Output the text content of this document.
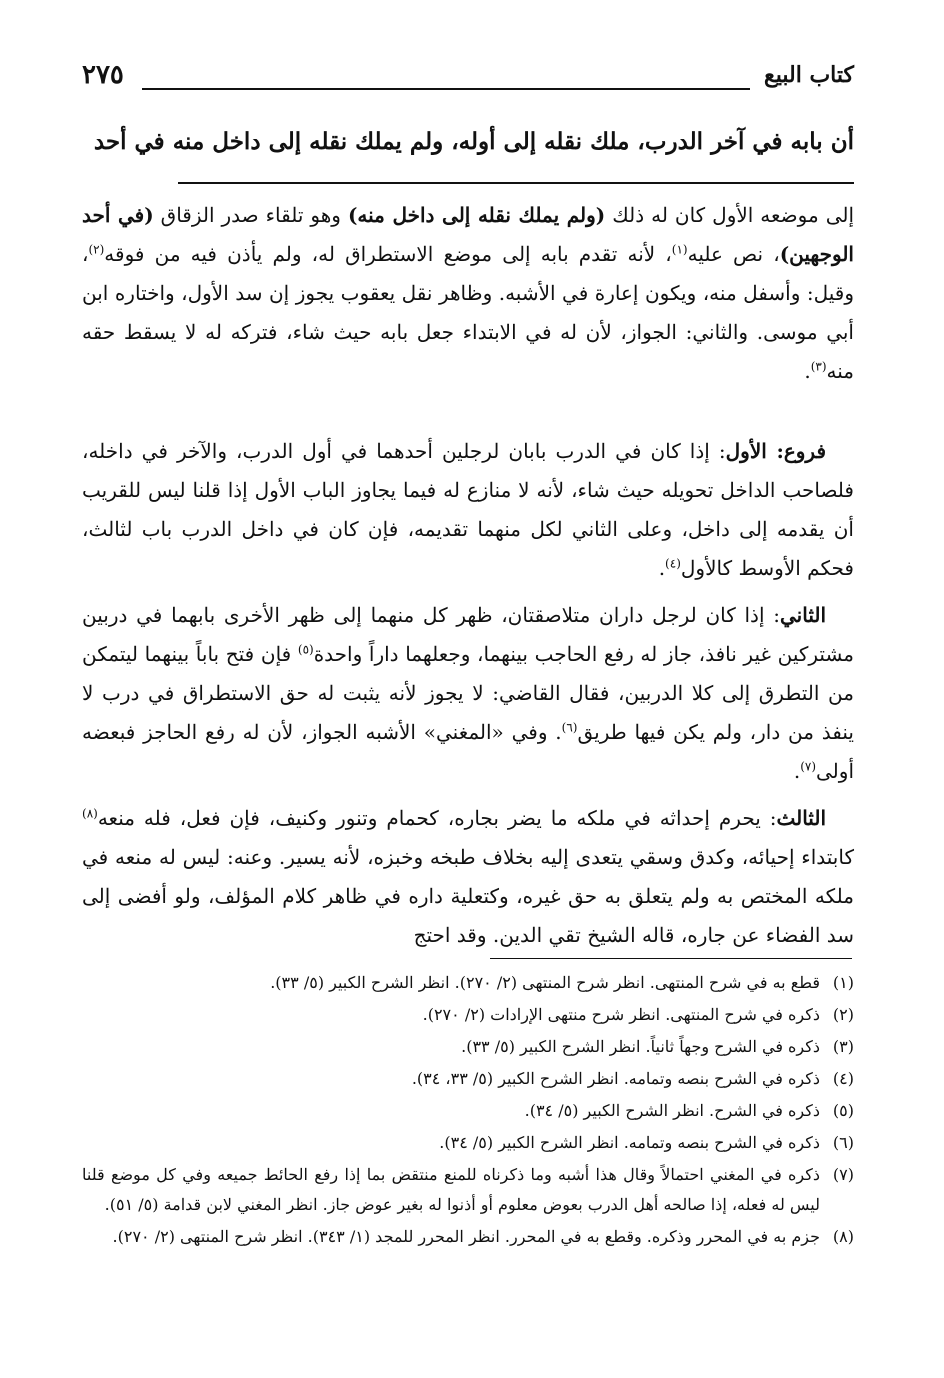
٢٧٥	كتاب البيع
أن بابه في آخر الدرب، ملك نقله إلى أوله، ولم يملك نقله إلى داخل منه في أحد
إلى موضعه الأول كان له ذلك (ولم يملك نقله إلى داخل منه) وهو تلقاء صدر الزقاق (في أحد الوجهين)، نص عليه$^{(١)}$، لأنه تقدم بابه إلى موضع الاستطراق له، ولم يأذن فيه من فوقه$^{(٢)}$، وقيل: وأسفل منه، ويكون إعارة في الأشبه. وظاهر نقل يعقوب يجوز إن سد الأول، واختاره ابن أبي موسى. والثاني: الجواز، لأن له في الابتداء جعل بابه حيث شاء، فتركه له لا يسقط حقه منه$^{(٣)}$.

فروع: الأول: إذا كان في الدرب بابان لرجلين أحدهما في أول الدرب، والآخر في داخله، فلصاحب الداخل تحويله حيث شاء، لأنه لا منازع له فيما يجاوز الباب الأول إذا قلنا ليس للقريب أن يقدمه إلى داخل، وعلى الثاني لكل منهما تقديمه، فإن كان في داخل الدرب باب لثالث، فحكم الأوسط كالأول$^{(٤)}$.

الثاني: إذا كان لرجل داران متلاصقتان، ظهر كل منهما إلى ظهر الأخرى بابهما في دربين مشتركين غير نافذ، جاز له رفع الحاجب بينهما، وجعلهما داراً واحدة$^{(٥)}$ فإن فتح باباً بينهما ليتمكن من التطرق إلى كلا الدربين، فقال القاضي: لا يجوز لأنه يثبت له حق الاستطراق في درب لا ينفذ من دار، ولم يكن فيها طريق$^{(٦)}$. وفي «المغني» الأشبه الجواز، لأن له رفع الحاجز فبعضه أولى$^{(٧)}$.

الثالث: يحرم إحداثه في ملكه ما يضر بجاره، كحمام وتنور وكنيف، فإن فعل، فله منعه$^{(٨)}$ كابتداء إحيائه، وكدق وسقي يتعدى إليه بخلاف طبخه وخبزه، لأنه يسير. وعنه: ليس له منعه في ملكه المختص به ولم يتعلق به حق غيره، وكتعلية داره في ظاهر كلام المؤلف، ولو أفضى إلى سد الفضاء عن جاره، قاله الشيخ تقي الدين. وقد احتج

(١)
قطع به في شرح المنتهى. انظر شرح المنتهى (٢/ ٢٧٠). انظر الشرح الكبير (٥/ ٣٣).
(٢)
ذكره في شرح المنتهى. انظر شرح منتهى الإرادات (٢/ ٢٧٠).
(٣)
ذكره في الشرح وجهاً ثانياً. انظر الشرح الكبير (٥/ ٣٣).
(٤)
ذكره في الشرح بنصه وتمامه. انظر الشرح الكبير (٥/ ٣٣، ٣٤).
(٥)
ذكره في الشرح. انظر الشرح الكبير (٥/ ٣٤).
(٦)
ذكره في الشرح بنصه وتمامه. انظر الشرح الكبير (٥/ ٣٤).
(٧)
ذكره في المغني احتمالاً وقال هذا أشبه وما ذكرناه للمنع منتقض بما إذا رفع الحائط جميعه وفي كل موضع قلنا ليس له فعله، إذا صالحه أهل الدرب بعوض معلوم أو أذنوا له بغير عوض جاز. انظر المغني لابن قدامة (٥/ ٥١).
(٨)
جزم به في المحرر وذكره. وقطع به في المحرر. انظر المحرر للمجد (١/ ٣٤٣). انظر شرح المنتهى (٢/ ٢٧٠).
